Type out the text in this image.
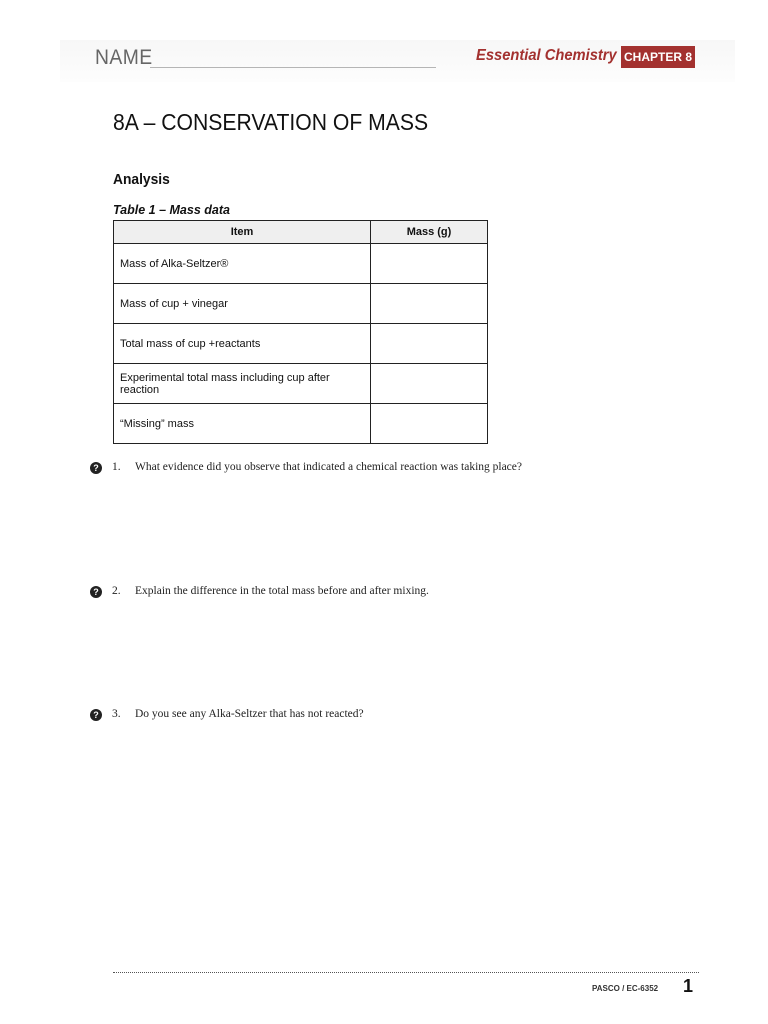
NAME	Essential Chemistry CHAPTER 8
8A – CONSERVATION OF MASS
Analysis
Table 1 – Mass data
Item	Mass (g)
Mass of Alka-Seltzer®	
Mass of cup + vinegar	
Total mass of cup +reactants	
Experimental total mass including cup after reaction	
“Missing” mass	
? 1. What evidence did you observe that indicated a chemical reaction was taking place?
? 2. Explain the difference in the total mass before and after mixing.
? 3. Do you see any Alka-Seltzer that has not reacted?
PASCO / EC-6352 1
